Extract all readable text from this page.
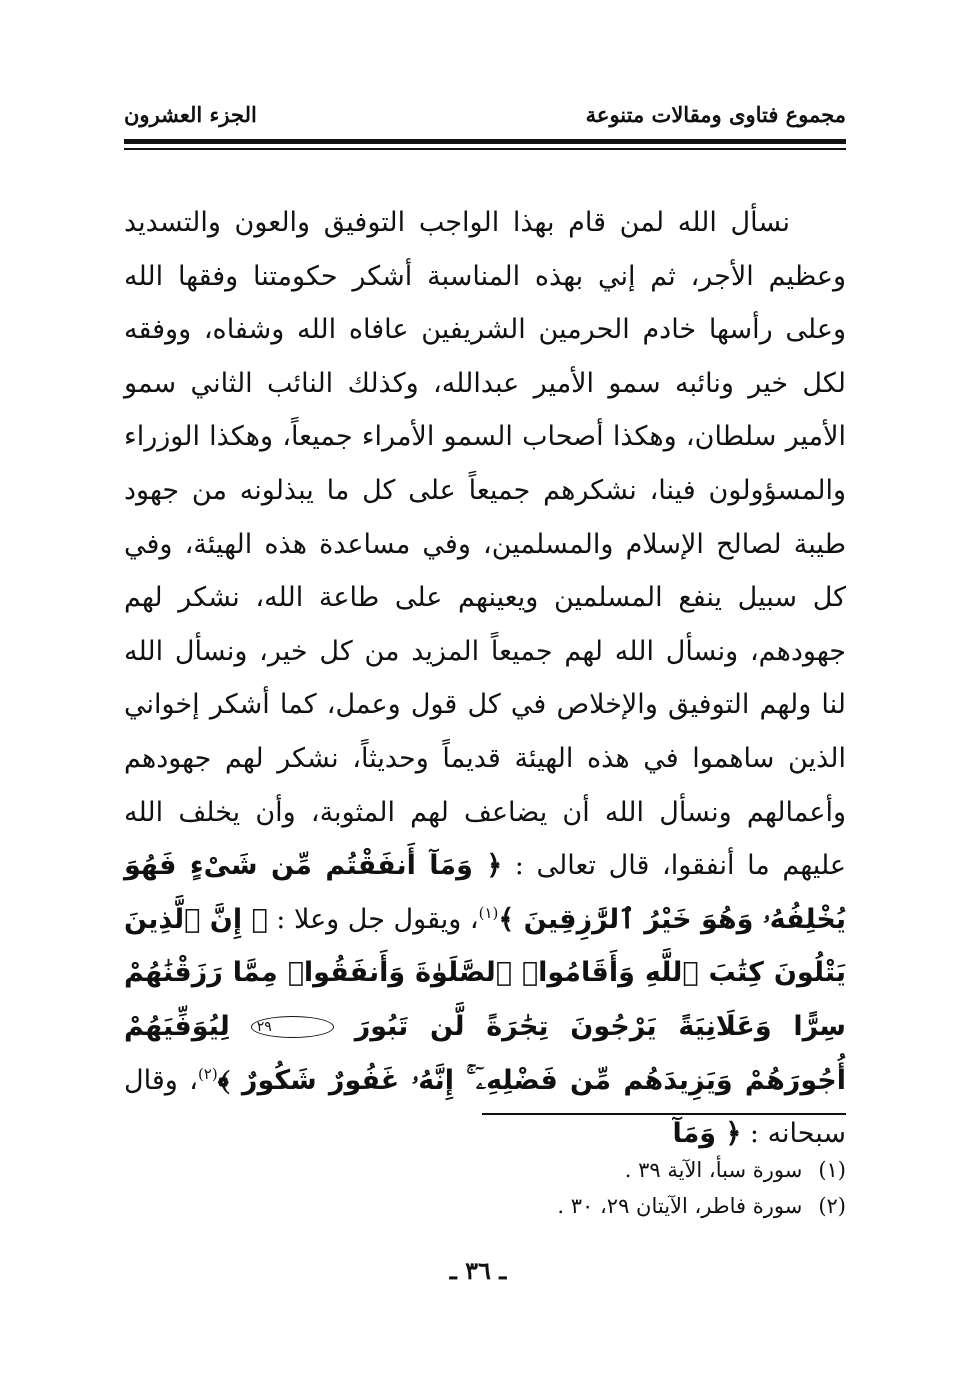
مجموع فتاوى ومقالات متنوعة
الجزء العشرون

نسأل الله لمن قام بهذا الواجب التوفيق والعون والتسديد وعظيم الأجر، ثم إني بهذه المناسبة أشكر حكومتنا وفقها الله وعلى رأسها خادم الحرمين الشريفين عافاه الله وشفاه، ووفقه لكل خير ونائبه سمو الأمير عبدالله، وكذلك النائب الثاني سمو الأمير سلطان، وهكذا أصحاب السمو الأمراء جميعاً، وهكذا الوزراء والمسؤولون فينا، نشكرهم جميعاً على كل ما يبذلونه من جهود طيبة لصالح الإسلام والمسلمين، وفي مساعدة هذه الهيئة، وفي كل سبيل ينفع المسلمين ويعينهم على طاعة الله، نشكر لهم جهودهم، ونسأل الله لهم جميعاً المزيد من كل خير، ونسأل الله لنا ولهم التوفيق والإخلاص في كل قول وعمل، كما أشكر إخواني الذين ساهموا في هذه الهيئة قديماً وحديثاً، نشكر لهم جهودهم وأعمالهم ونسأل الله أن يضاعف لهم المثوبة، وأن يخلف الله عليهم ما أنفقوا، قال تعالى : ﴿ وَمَآ أَنفَقْتُم مِّن شَىْءٍ فَهُوَ يُخْلِفُهُۥ وَهُوَ خَيْرُ ٱلرَّٰزِقِينَ ﴾$^{(١)}$، ويقول جل وعلا : ﴿ إِنَّ ٱلَّذِينَ يَتْلُونَ كِتَٰبَ ٱللَّهِ وَأَقَامُوا۟ ٱلصَّلَوٰةَ وَأَنفَقُوا۟ مِمَّا رَزَقْنَٰهُمْ سِرًّا وَعَلَانِيَةً يَرْجُونَ تِجَٰرَةً لَّن تَبُورَ ٢٩ لِيُوَفِّيَهُمْ أُجُورَهُمْ وَيَزِيدَهُم مِّن فَضْلِهِۦٓ ۚ إِنَّهُۥ غَفُورٌ شَكُورٌ ﴾$^{(٢)}$، وقال سبحانه : ﴿ وَمَآ

(١)سورة سبأ، الآية ٣٩ .

(٢)سورة فاطر، الآيتان ٢٩، ٣٠ .

ـ ٣٦ ـ
